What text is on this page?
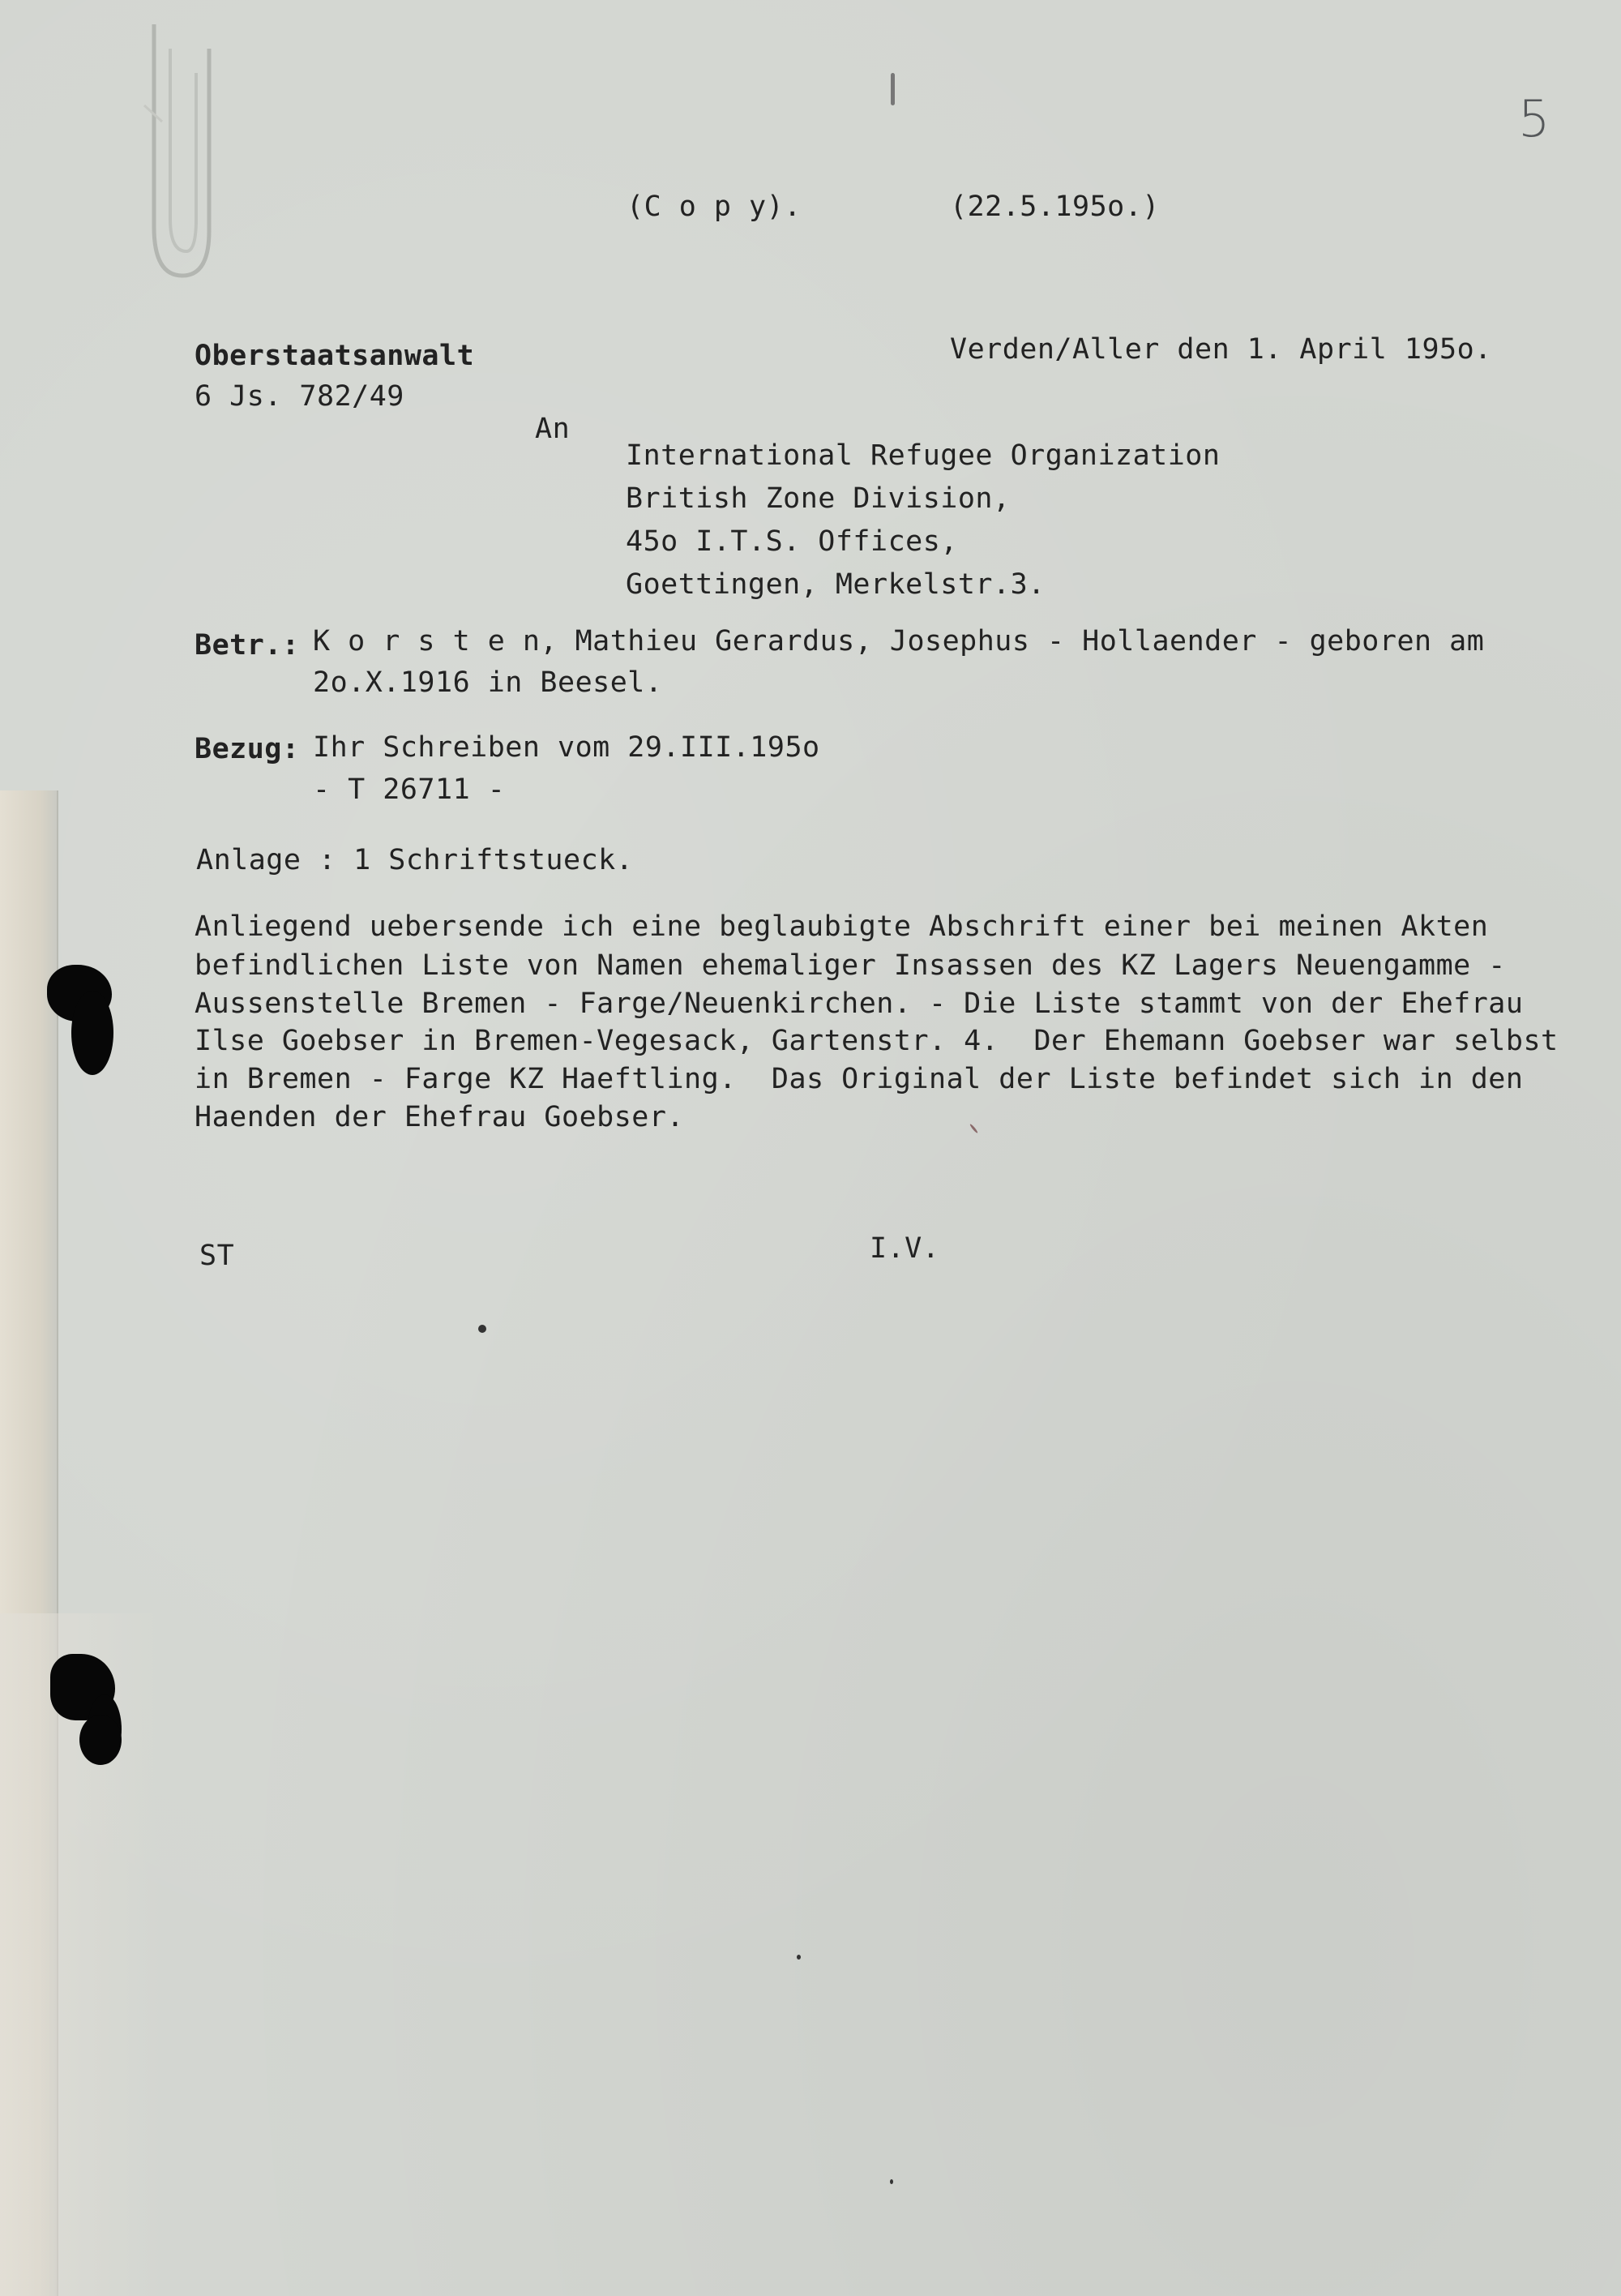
5
(C o p y).	(22.5.195o.)
Oberstaatsanwalt
6 Js. 782/49
Verden/Aller den 1. April 195o.
An
International Refugee Organization
British Zone Division,
45o I.T.S. Offices,
Goettingen, Merkelstr.3.
Betr.: K o r s t e n, Mathieu Gerardus, Josephus - Hollaender - geboren am
2o.X.1916 in Beesel.
Bezug: Ihr Schreiben vom 29.III.195o
- T 26711 -
Anlage : 1 Schriftstueck.
Anliegend uebersende ich eine beglaubigte Abschrift einer bei meinen Akten
befindlichen Liste von Namen ehemaliger Insassen des KZ Lagers Neuengamme -
Aussenstelle Bremen - Farge/Neuenkirchen. - Die Liste stammt von der Ehefrau
Ilse Goebser in Bremen-Vegesack, Gartenstr. 4.  Der Ehemann Goebser war selbst
in Bremen - Farge KZ Haeftling.  Das Original der Liste befindet sich in den
Haenden der Ehefrau Goebser.
ST	I.V.
